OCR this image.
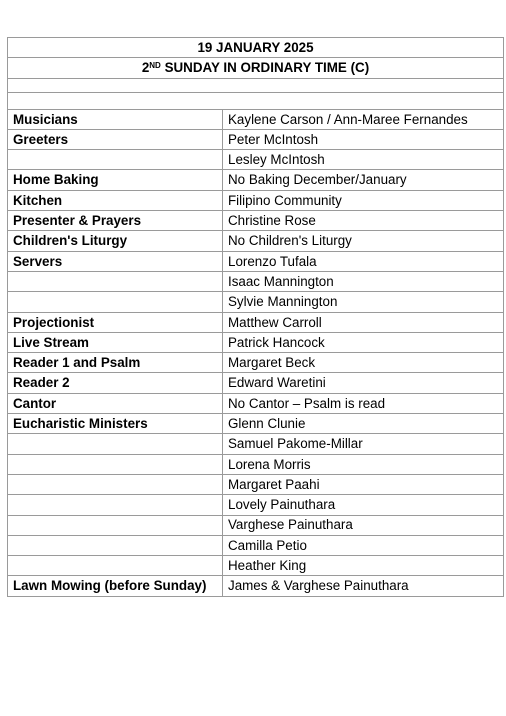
19 JANUARY 2025	
2ND SUNDAY IN ORDINARY TIME (C)	

Musicians	Kaylene Carson / Ann-Maree Fernandes
Greeters	Peter McIntosh
	Lesley McIntosh
Home Baking	No Baking December/January
Kitchen	Filipino Community
Presenter & Prayers	Christine Rose
Children's Liturgy	No Children's Liturgy
Servers	Lorenzo Tufala
	Isaac Mannington
	Sylvie Mannington
Projectionist	Matthew Carroll
Live Stream	Patrick Hancock
Reader 1 and Psalm	Margaret Beck
Reader 2	Edward Waretini
Cantor	No Cantor – Psalm is read
Eucharistic Ministers	Glenn Clunie
	Samuel Pakome-Millar
	Lorena Morris
	Margaret Paahi
	Lovely Painuthara
	Varghese Painuthara
	Camilla Petio
	Heather King
Lawn Mowing (before Sunday)	James & Varghese Painuthara
